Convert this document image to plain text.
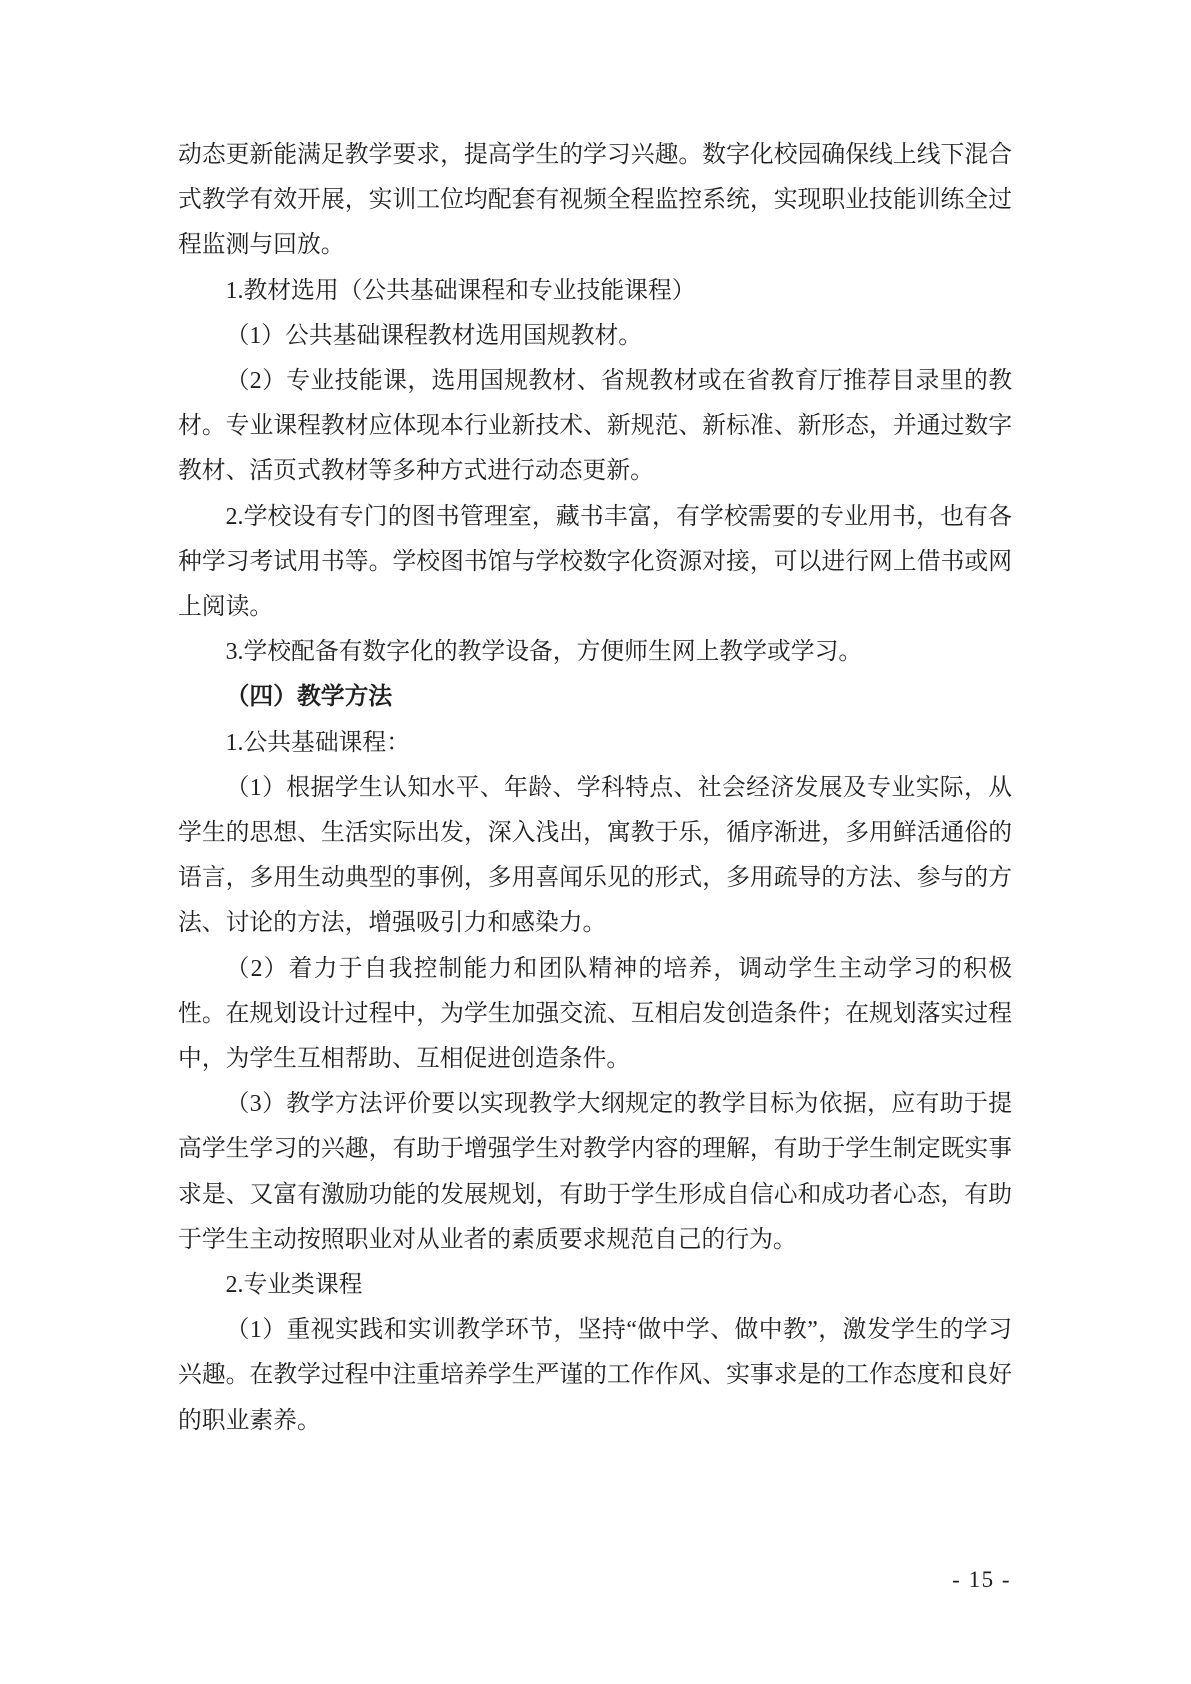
动态更新能满足教学要求，提高学生的学习兴趣。数字化校园确保线上线下混合式教学有效开展，实训工位均配套有视频全程监控系统，实现职业技能训练全过程监测与回放。

1.教材选用（公共基础课程和专业技能课程）

（1）公共基础课程教材选用国规教材。

（2）专业技能课，选用国规教材、省规教材或在省教育厅推荐目录里的教材。专业课程教材应体现本行业新技术、新规范、新标准、新形态，并通过数字教材、活页式教材等多种方式进行动态更新。

2.学校设有专门的图书管理室，藏书丰富，有学校需要的专业用书，也有各种学习考试用书等。学校图书馆与学校数字化资源对接，可以进行网上借书或网上阅读。

3.学校配备有数字化的教学设备，方便师生网上教学或学习。

（四）教学方法

1.公共基础课程：

（1）根据学生认知水平、年龄、学科特点、社会经济发展及专业实际，从学生的思想、生活实际出发，深入浅出，寓教于乐，循序渐进，多用鲜活通俗的语言，多用生动典型的事例，多用喜闻乐见的形式，多用疏导的方法、参与的方法、讨论的方法，增强吸引力和感染力。

（2）着力于自我控制能力和团队精神的培养，调动学生主动学习的积极性。在规划设计过程中，为学生加强交流、互相启发创造条件；在规划落实过程中，为学生互相帮助、互相促进创造条件。

（3）教学方法评价要以实现教学大纲规定的教学目标为依据，应有助于提高学生学习的兴趣，有助于增强学生对教学内容的理解，有助于学生制定既实事求是、又富有激励功能的发展规划，有助于学生形成自信心和成功者心态，有助于学生主动按照职业对从业者的素质要求规范自己的行为。

2.专业类课程

（1）重视实践和实训教学环节，坚持“做中学、做中教”，激发学生的学习兴趣。在教学过程中注重培养学生严谨的工作作风、实事求是的工作态度和良好的职业素养。

- 15 -
